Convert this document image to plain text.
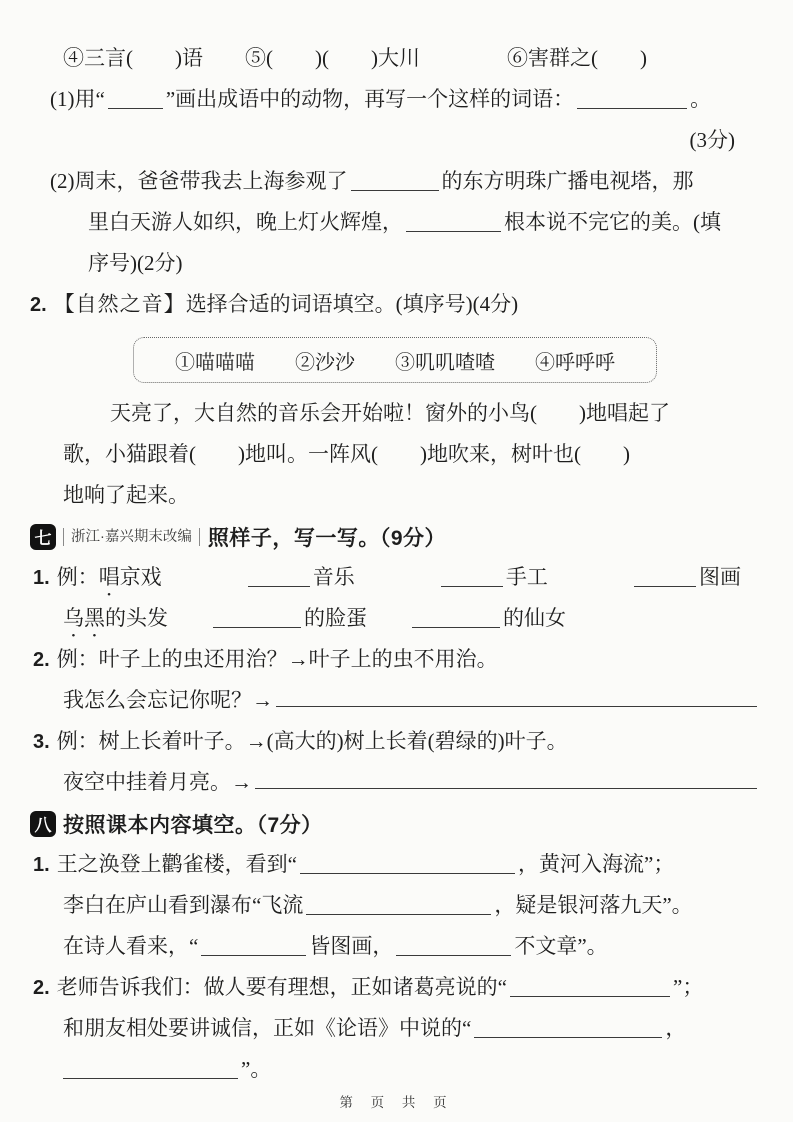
④三言(　　)语 ⑤(　　)(　　)大川	⑥害群之(　　)
(1)用“	”画出成语中的动物，再写一个这样的词语：	。
(3分)
(2)周末，爸爸带我去上海参观了	的东方明珠广播电视塔，那
里白天游人如织，晚上灯火辉煌，	根本说不完它的美。(填
序号)(2分)
2. 【自然之音】选择合适的词语填空。(填序号)(4分)
①喵喵喵 ②沙沙 ③叽叽喳喳 ④呼呼呼
天亮了，大自然的音乐会开始啦！窗外的小鸟(　　)地唱起了
歌，小猫跟着(　　)地叫。一阵风(　　)地吹来，树叶也(　　)
地响了起来。
七	浙江·嘉兴期末改编 照样子，写一写。（9分）
1. 例：唱京戏	音乐	手工	图画
乌黑的头发	的脸蛋	的仙女
2. 例：叶子上的虫还用治？→叶子上的虫不用治。
我怎么会忘记你呢？→
3. 例：树上长着叶子。→(高大的)树上长着(碧绿的)叶子。
夜空中挂着月亮。→
八 按照课本内容填空。（7分）
1. 王之涣登上鹳雀楼，看到“	，黄河入海流”；
李白在庐山看到瀑布“飞流	，疑是银河落九天”。
在诗人看来，“	皆图画，	不文章”。
2. 老师告诉我们：做人要有理想，正如诸葛亮说的“	”；
和朋友相处要讲诚信，正如《论语》中说的“	，
”。
第 页 共 页
